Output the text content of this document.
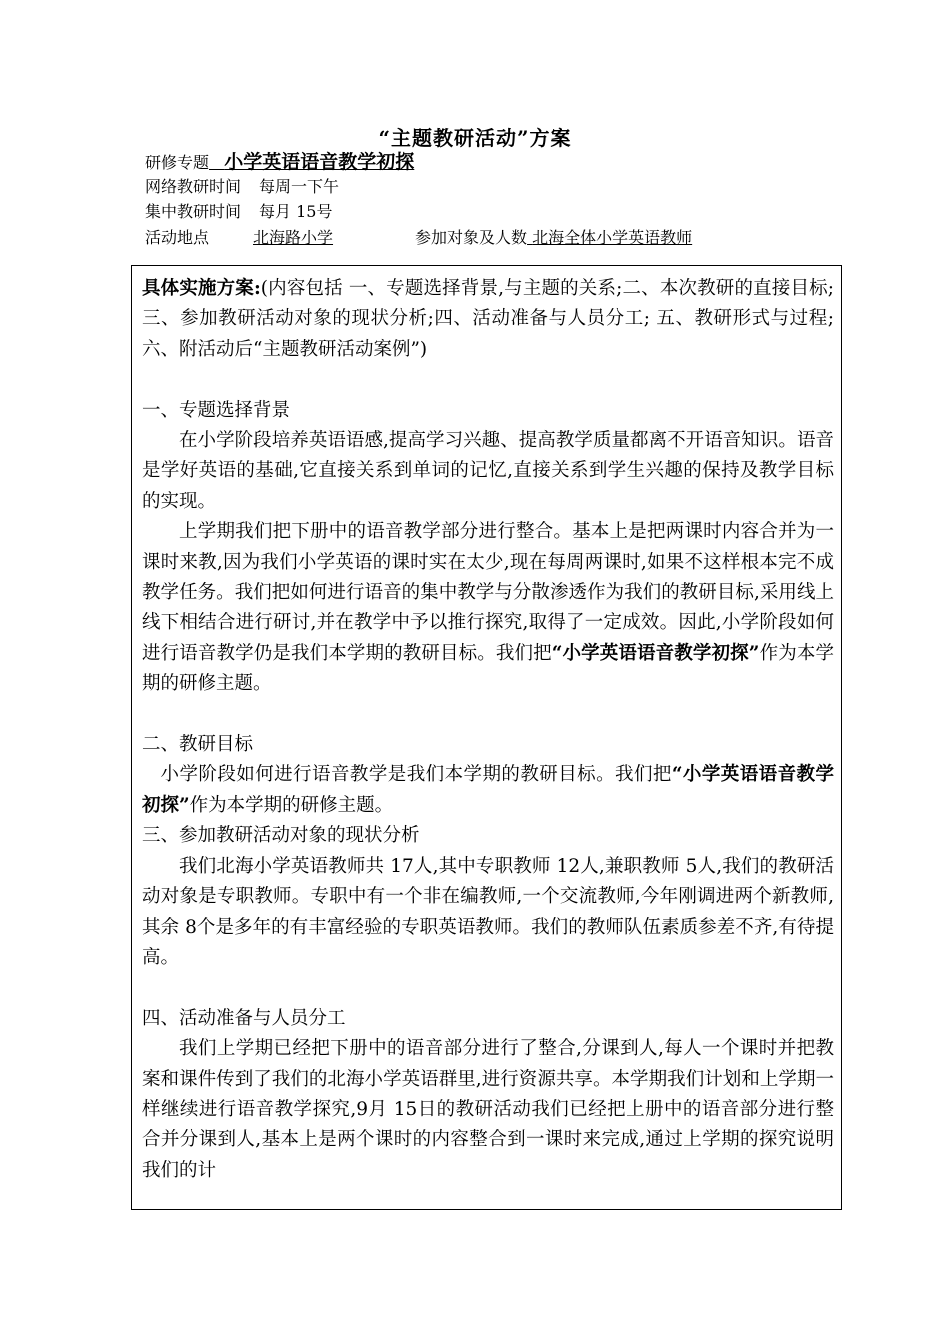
“主题教研活动”方案
研修专题 小学英语语音教学初探
网络教研时间 每周一下午
集中教研时间 每月 15号
活动地点	北海路小学	参加对象及人数 北海全体小学英语教师

具体实施方案:(内容包括 一、专题选择背景,与主题的关系;二、本次教研的直接目标;三、参加教研活动对象的现状分析;四、活动准备与人员分工; 五、教研形式与过程;六、附活动后“主题教研活动案例”)

一、专题选择背景

在小学阶段培养英语语感,提高学习兴趣、提高教学质量都离不开语音知识。语音是学好英语的基础,它直接关系到单词的记忆,直接关系到学生兴趣的保持及教学目标的实现。

上学期我们把下册中的语音教学部分进行整合。基本上是把两课时内容合并为一课时来教,因为我们小学英语的课时实在太少,现在每周两课时,如果不这样根本完不成教学任务。我们把如何进行语音的集中教学与分散渗透作为我们的教研目标,采用线上线下相结合进行研讨,并在教学中予以推行探究,取得了一定成效。因此,小学阶段如何进行语音教学仍是我们本学期的教研目标。我们把“小学英语语音教学初探”作为本学期的研修主题。

二、教研目标

小学阶段如何进行语音教学是我们本学期的教研目标。我们把“小学英语语音教学初探”作为本学期的研修主题。

三、参加教研活动对象的现状分析

我们北海小学英语教师共 17人,其中专职教师 12人,兼职教师 5人,我们的教研活动对象是专职教师。专职中有一个非在编教师,一个交流教师,今年刚调进两个新教师,其余 8个是多年的有丰富经验的专职英语教师。我们的教师队伍素质参差不齐,有待提高。

四、活动准备与人员分工

我们上学期已经把下册中的语音部分进行了整合,分课到人,每人一个课时并把教案和课件传到了我们的北海小学英语群里,进行资源共享。本学期我们计划和上学期一样继续进行语音教学探究,9月 15日的教研活动我们已经把上册中的语音部分进行整合并分课到人,基本上是两个课时的内容整合到一课时来完成,通过上学期的探究说明我们的计
